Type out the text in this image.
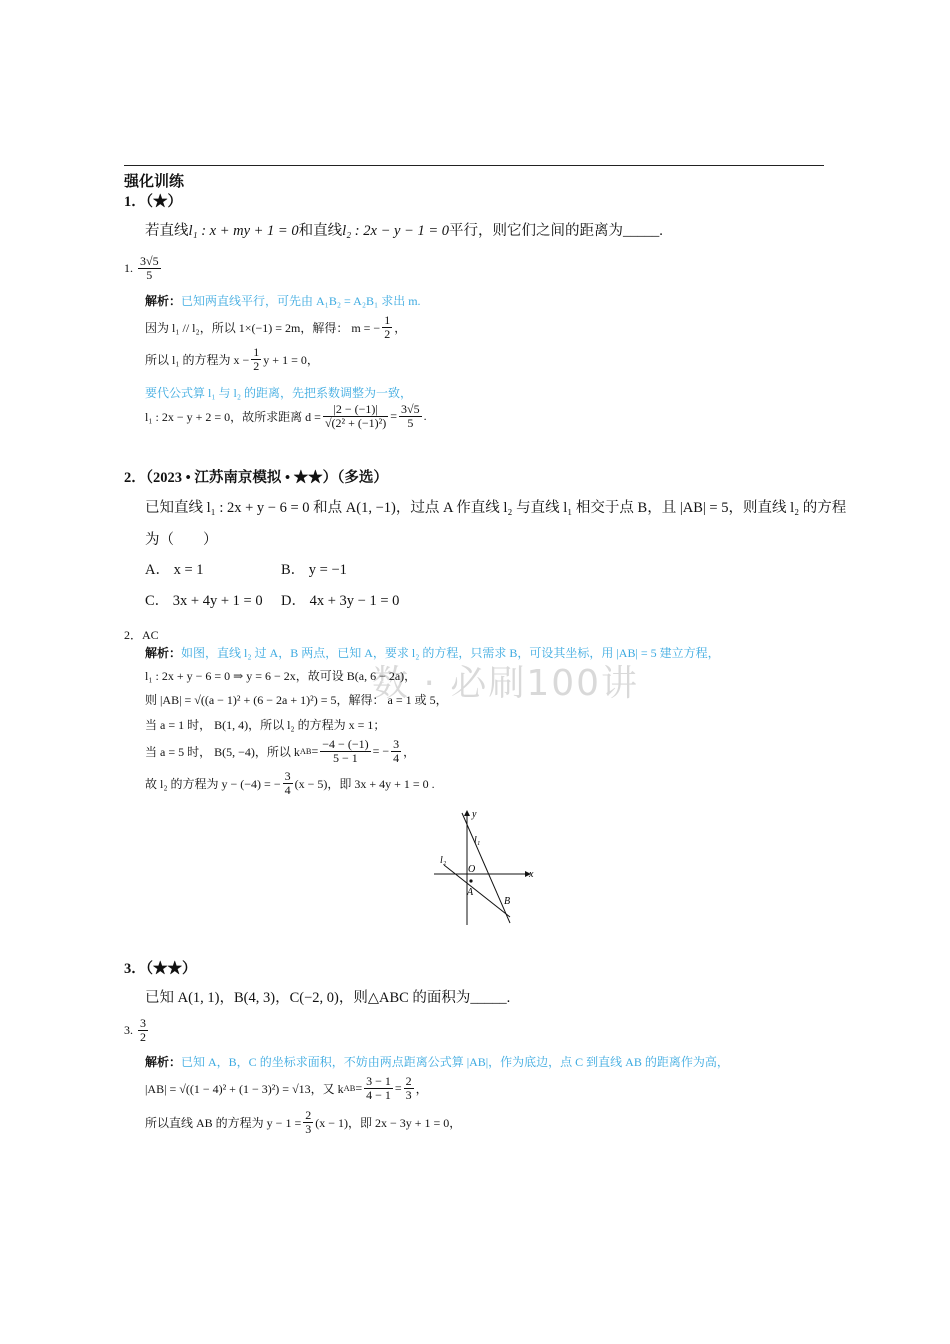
数 · 必刷100讲
强化训练
1．（★）
若直线l₁ : x + my + 1 = 0和直线l₂ : 2x − y − 1 = 0平行，则它们之间的距离为_____.
1. $\frac{3√5}{5}$
解析：已知两直线平行，可先由 A₁B₂ = A₂B₁ 求出 m.
因为 l₁ // l₂，所以 1×(−1) = 2m，解得： m = − $\frac{1}{2}$ ，
所以 l₁ 的方程为 $x - \frac{1}{2}$ y + 1 = 0，
要代公式算 l₁ 与 l₂ 的距离，先把系数调整为一致，
l₁ : 2x − y + 2 = 0，故所求距离 $d = \frac{|2 - (-1)|}{\text{√(2² + (−1)²)}} = \frac{3√5}{5}$ .
2．（2023 • 江苏南京模拟 • ★★）（多选）
已知直线 l₁ : 2x + y − 6 = 0 和点 A(1, −1)，过点 A 作直线 l₂ 与直线 l₁ 相交于点 B，且 |AB| = 5，则直线 l₂ 的方程
为（　　）
A． x = 1	B． y = −1
C． 3x + 4y + 1 = 0 D． 4x + 3y − 1 = 0
2．AC
解析：如图，直线 l₂ 过 A，B 两点，已知 A，要求 l₂ 的方程，只需求 B，可设其坐标，用 |AB| = 5 建立方程，
l₁ : 2x + y − 6 = 0 ⇒ y = 6 − 2x，故可设 B(a, 6 − 2a)，
则 |AB| = √((a − 1)² + (6 − 2a + 1)²) = 5，解得： a = 1 或 5，
当 a = 1 时， B(1, 4)，所以 l₂ 的方程为 x = 1；
当 a = 5 时， B(5, −4)，所以 $kAB= \frac{-4 - (-1)}{5 - 1}$ = − $\frac{3}{4}$ ，
故 l₂ 的方程为 y − (−4) = − $\frac{3}{4} (x - 5)$，即 3x + 4y + 1 = 0 .
y
x
O
l₁
l₂
A
B
3．（★★）
已知 A(1, 1)，B(4, 3)，C(−2, 0)，则△ABC 的面积为_____.
3. $\frac{3}{2}$
解析：已知 A，B，C 的坐标求面积，不妨由两点距离公式算 |AB|，作为底边，点 C 到直线 AB 的距离作为高，
|AB| = √((1 − 4)² + (1 − 3)²) = √13，又 $kAB= \frac{3 - 1}{4 - 1} = \frac{2}{3}$ ，
所以直线 AB 的方程为 $y - 1 = \frac{2}{3} (x - 1)$，即 2x − 3y + 1 = 0，
